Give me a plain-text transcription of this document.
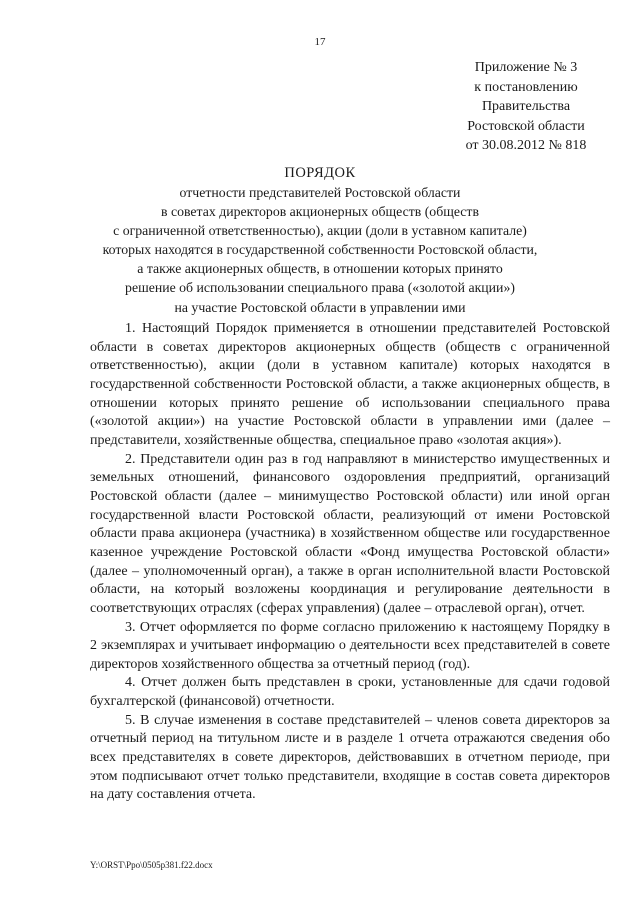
17
Приложение № 3
к постановлению
Правительства
Ростовской области
от 30.08.2012 № 818
ПОРЯДОК
отчетности представителей Ростовской области
в советах директоров акционерных обществ (обществ
с ограниченной ответственностью), акции (доли в уставном капитале)
которых находятся в государственной собственности Ростовской области,
а также акционерных обществ, в отношении которых принято
решение об использовании специального права («золотой акции»)
на участие Ростовской области в управлении ими

1. Настоящий Порядок применяется в отношении представителей Ростовской области в советах директоров акционерных обществ (обществ с ограниченной ответственностью), акции (доли в уставном капитале) которых находятся в государственной собственности Ростовской области, а также акционерных обществ, в отношении которых принято решение об использовании специального права («золотой акции») на участие Ростовской области в управлении ими (далее – представители, хозяйственные общества, специальное право «золотая акция»).

2. Представители один раз в год направляют в министерство имущественных и земельных отношений, финансового оздоровления предприятий, организаций Ростовской области (далее – минимущество Ростовской области) или иной орган государственной власти Ростовской области, реализующий от имени Ростовской области права акционера (участника) в хозяйственном обществе или государственное казенное учреждение Ростовской области «Фонд имущества Ростовской области» (далее – уполномоченный орган), а также в орган исполнительной власти Ростовской области, на который возложены координация и регулирование деятельности в соответствующих отраслях (сферах управления) (далее – отраслевой орган), отчет.

3. Отчет оформляется по форме согласно приложению к настоящему Порядку в 2 экземплярах и учитывает информацию о деятельности всех представителей в совете директоров хозяйственного общества за отчетный период (год).

4. Отчет должен быть представлен в сроки, установленные для сдачи годовой бухгалтерской (финансовой) отчетности.

5. В случае изменения в составе представителей – членов совета директоров за отчетный период на титульном листе и в разделе 1 отчета отражаются сведения обо всех представителях в совете директоров, действовавших в отчетном периоде, при этом подписывают отчет только представители, входящие в состав совета директоров на дату составления отчета.

Y:\ORST\Ppo\0505p381.f22.docx
